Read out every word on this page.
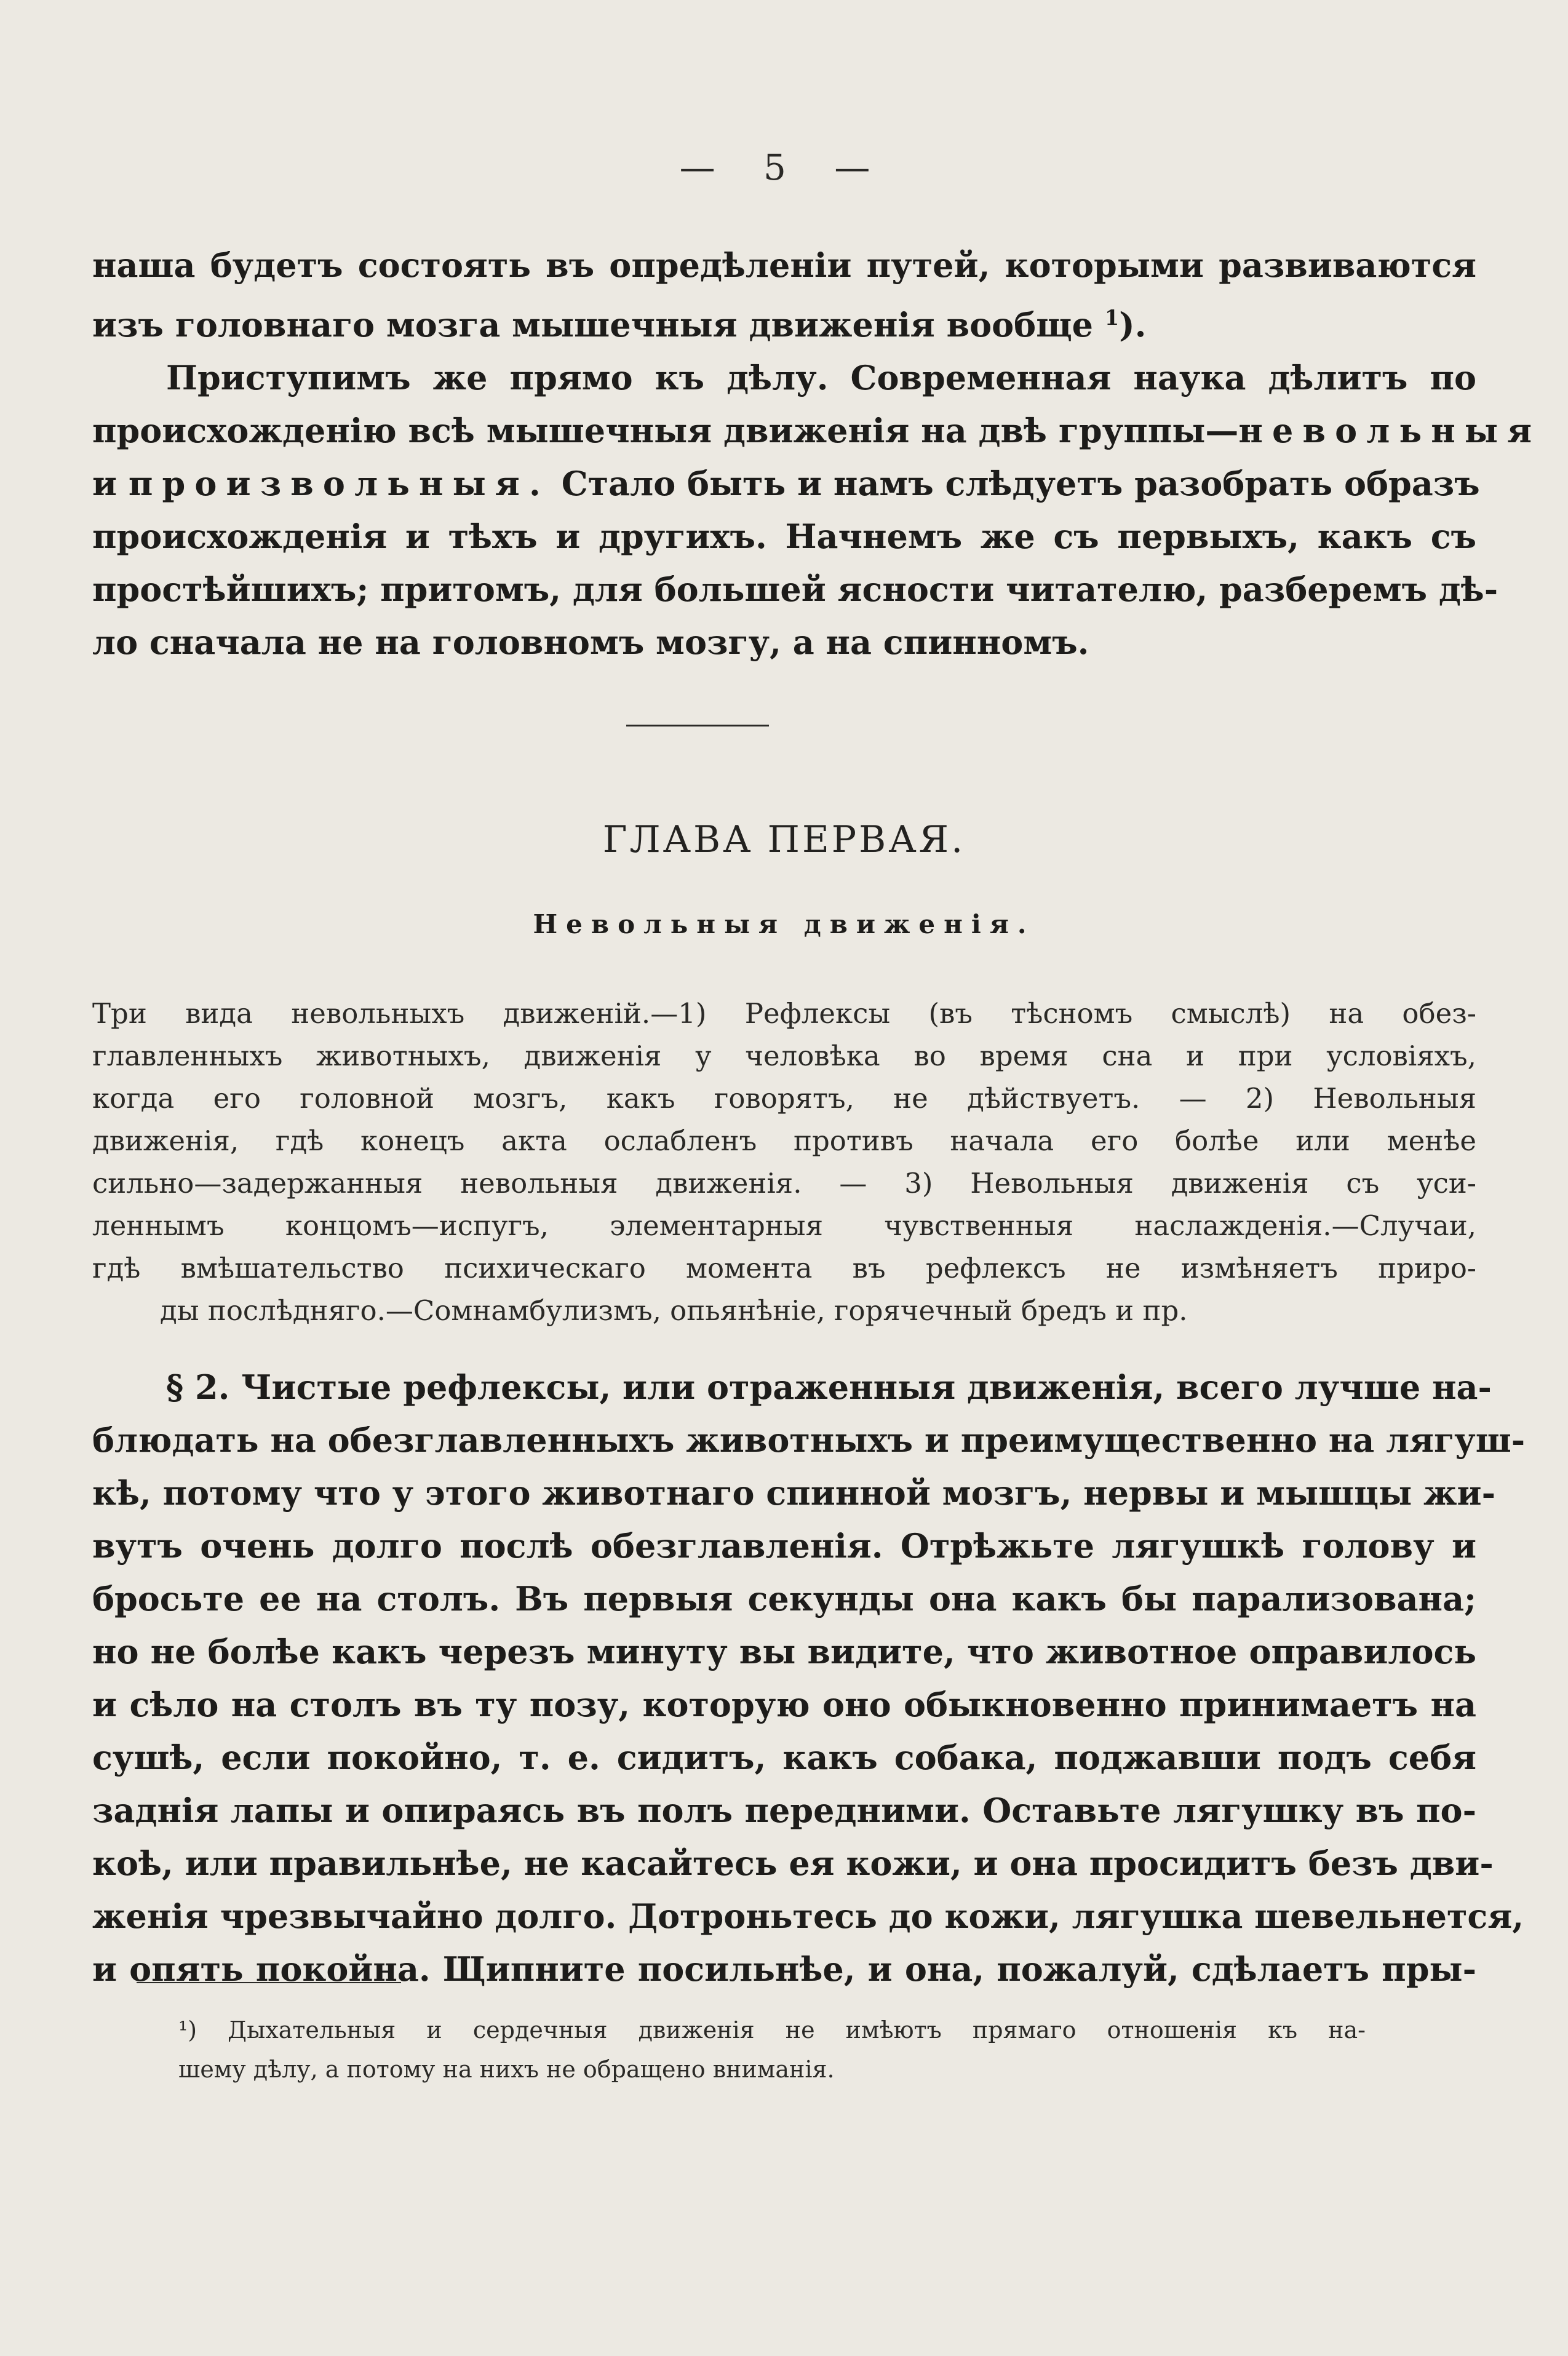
— 5 —
наша будетъ состоять въ опредѣленіи путей, которыми развиваются
изъ головнаго мозга мышечныя движенія вообще $^1$).
Приступимъ же прямо къ дѣлу. Современная наука дѣлитъ по
происхожденію всѣ мышечныя движенія на двѣ группы—невольныя
и произвольныя. Стало быть и намъ слѣдуетъ разобрать образъ
происхожденія и тѣхъ и другихъ. Начнемъ же съ первыхъ, какъ съ
простѣйшихъ; притомъ, для большей ясности читателю, разберемъ дѣ-
ло сначала не на головномъ мозгу, а на спинномъ.
ГЛАВА ПЕРВАЯ.
Невольныя движенія.
Три вида невольныхъ движеній.—1) Рефлексы (въ тѣсномъ смыслѣ) на обез-
главленныхъ животныхъ, движенія у человѣка во время сна и при условіяхъ,
когда его головной мозгъ, какъ говорятъ, не дѣйствуетъ. — 2) Невольныя
движенія, гдѣ конецъ акта ослабленъ противъ начала его болѣе или менѣе
сильно—задержанныя невольныя движенія. — 3) Невольныя движенія съ уси-
леннымъ концомъ—испугъ, элементарныя чувственныя наслажденія.—Случаи,
гдѣ вмѣшательство психическаго момента въ рефлексъ не измѣняетъ приро-
ды послѣдняго.—Сомнамбулизмъ, опьянѣніе, горячечный бредъ и пр.
§ 2. Чистые рефлексы, или отраженныя движенія, всего лучше на-
блюдать на обезглавленныхъ животныхъ и преимущественно на лягуш-
кѣ, потому что у этого животнаго спинной мозгъ, нервы и мышцы жи-
вутъ очень долго послѣ обезглавленія. Отрѣжьте лягушкѣ голову и
бросьте ее на столъ. Въ первыя секунды она какъ бы парализована;
но не болѣе какъ черезъ минуту вы видите, что животное оправилось
и сѣло на столъ въ ту позу, которую оно обыкновенно принимаетъ на
сушѣ, если покойно, т. е. сидитъ, какъ собака, поджавши подъ себя
заднія лапы и опираясь въ полъ передними. Оставьте лягушку въ по-
коѣ, или правильнѣе, не касайтесь ея кожи, и она просидитъ безъ дви-
женія чрезвычайно долго. Дотроньтесь до кожи, лягушка шевельнется,
и опять покойна. Щипните посильнѣе, и она, пожалуй, сдѣлаетъ пры-
¹) Дыхательныя и сердечныя движенія не имѣютъ прямаго отношенія къ на-
шему дѣлу, а потому на нихъ не обращено вниманія.
